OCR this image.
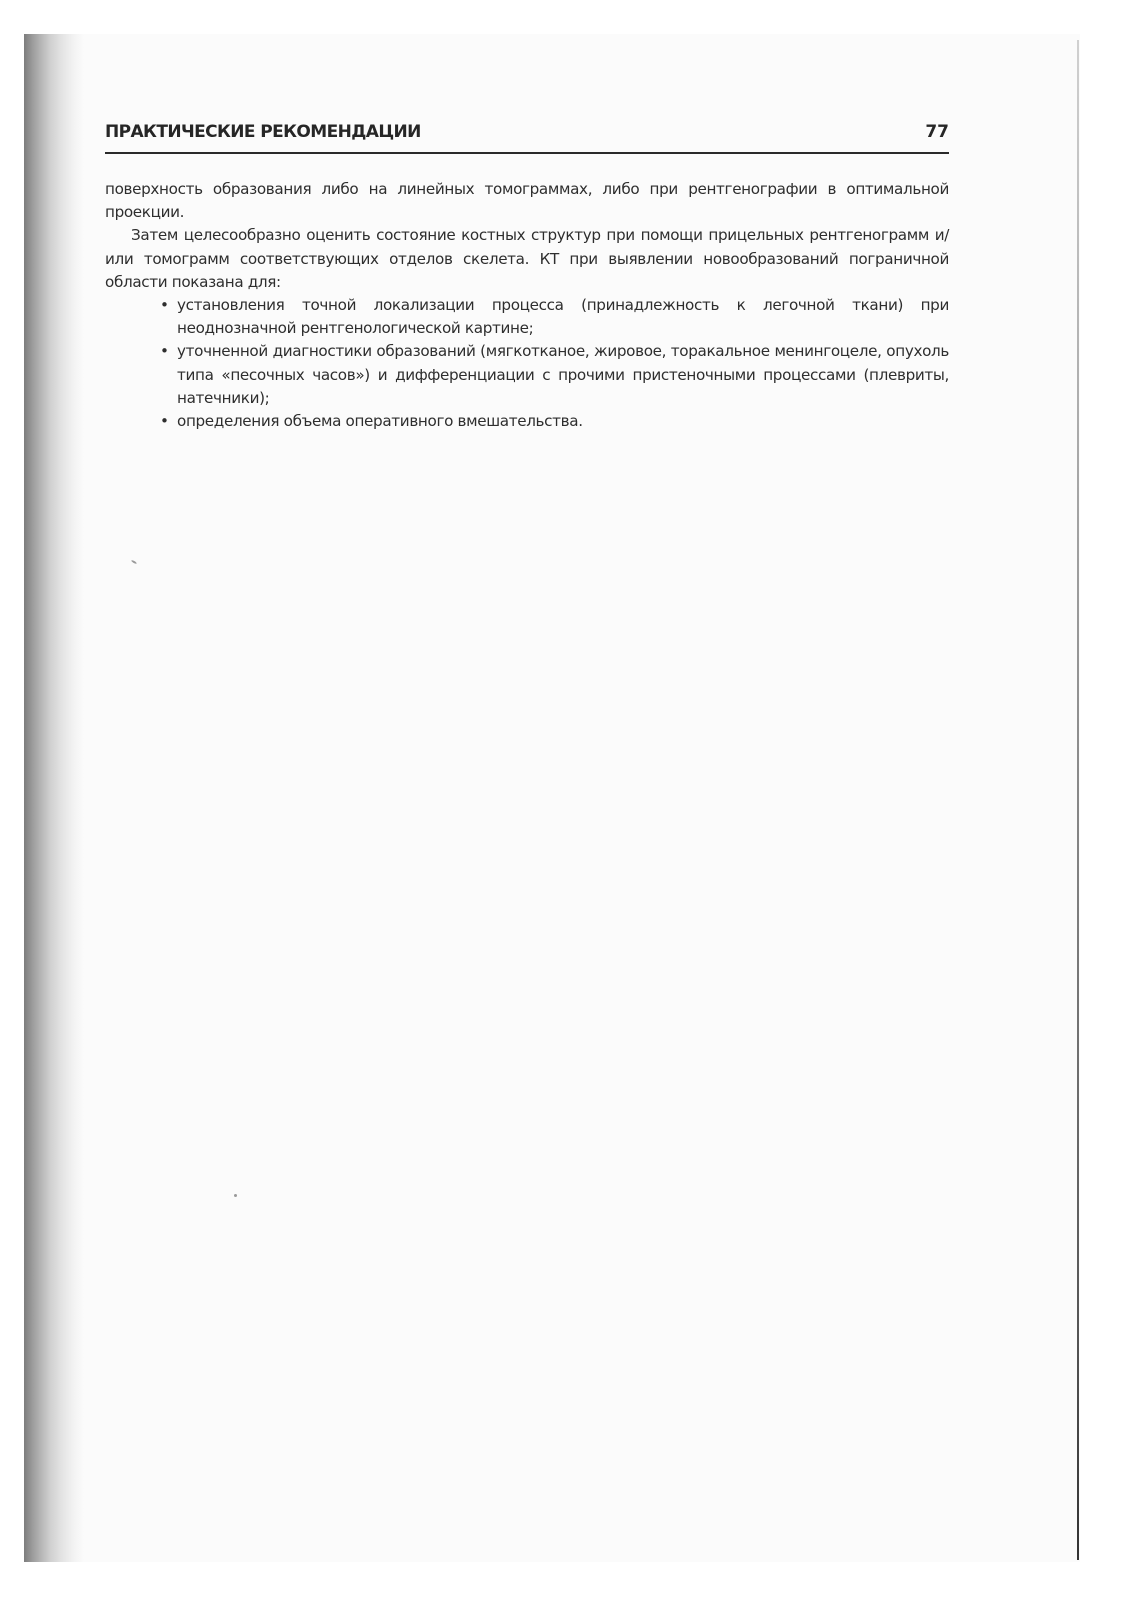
ПРАКТИЧЕСКИЕ РЕКОМЕНДАЦИИ	77

поверхность образования либо на линейных томограммах, либо при рентгенографии в оптимальной проекции.

Затем целесообразно оценить состояние костных структур при помощи прицельных рентгенограмм и/или томограмм соответствующих отделов скелета. КТ при выявлении новообразований пограничной области показана для:

• установления точной локализации процесса (принадлежность к легочной ткани) при неоднозначной рентгенологической картине;
• уточненной диагностики образований (мягкотканое, жировое, торакальное менингоцеле, опухоль типа «песочных часов») и дифференциации с прочими пристеночными процессами (плевриты, натечники);
• определения объема оперативного вмешательства.
